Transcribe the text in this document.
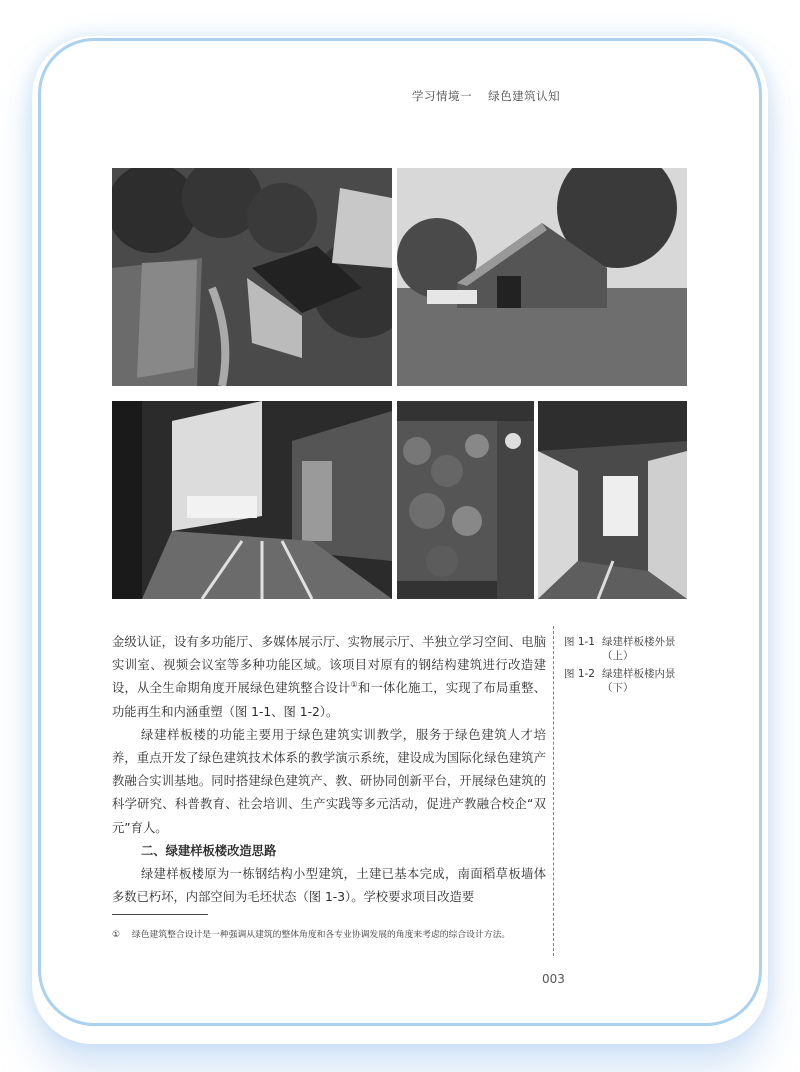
学习情境一 绿色建筑认知

金级认证，设有多功能厅、多媒体展示厅、实物展示厅、半独立学习空间、电脑实训室、视频会议室等多种功能区域。该项目对原有的钢结构建筑进行改造建设，从全生命期角度开展绿色建筑整合设计①和一体化施工，实现了布局重整、功能再生和内涵重塑（图 1-1、图 1-2）。

绿建样板楼的功能主要用于绿色建筑实训教学，服务于绿色建筑人才培养，重点开发了绿色建筑技术体系的教学演示系统，建设成为国际化绿色建筑产教融合实训基地。同时搭建绿色建筑产、教、研协同创新平台，开展绿色建筑的科学研究、科普教育、社会培训、生产实践等多元活动，促进产教融合校企“双元”育人。

二、绿建样板楼改造思路

绿建样板楼原为一栋钢结构小型建筑，土建已基本完成，南面稻草板墙体多数已朽坏，内部空间为毛坯状态（图 1-3）。学校要求项目改造要

图 1-1 绿建样板楼外景（上）
图 1-2 绿建样板楼内景（下）
① 绿色建筑整合设计是一种强调从建筑的整体角度和各专业协调发展的角度来考虑的综合设计方法。
003
